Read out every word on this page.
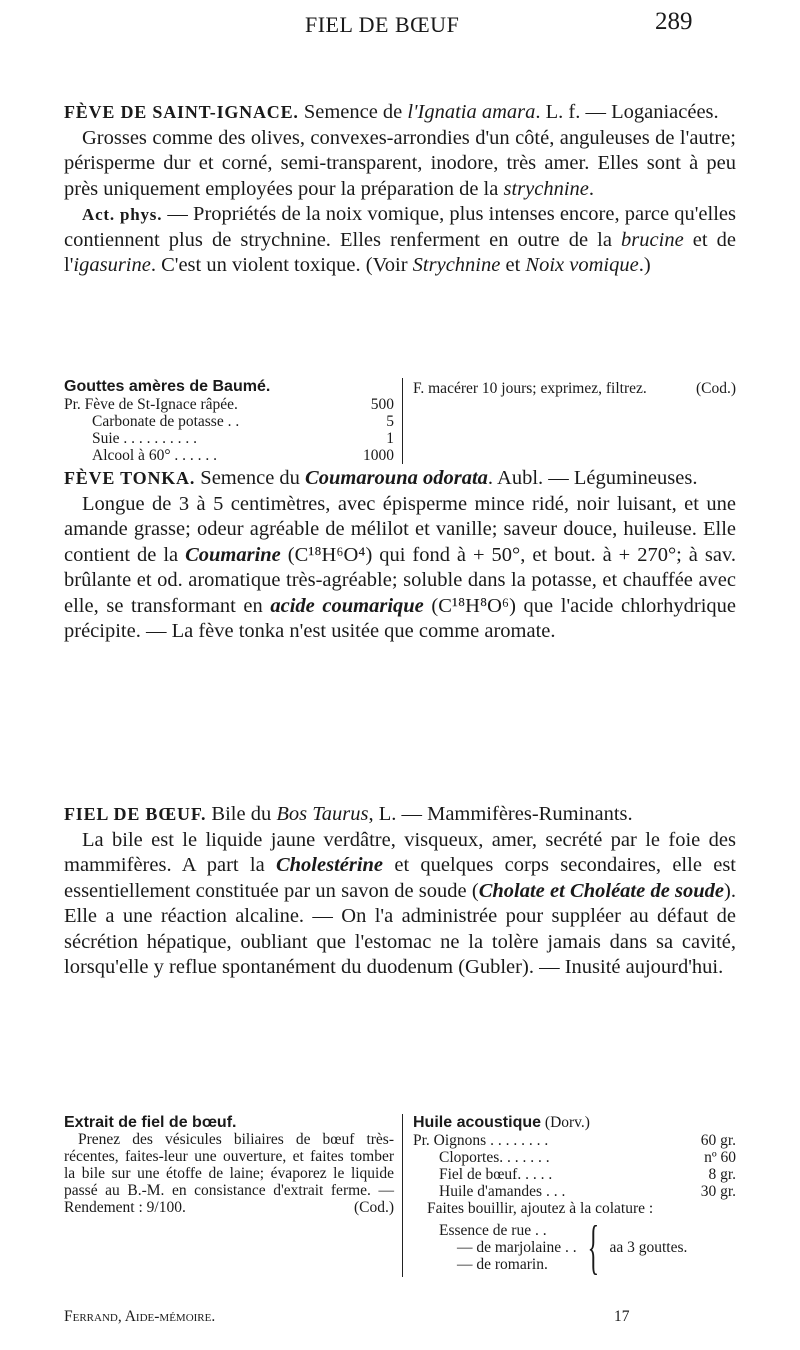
FIEL DE BŒUF	289

FÈVE DE SAINT-IGNACE. Semence de l'Ignatia amara. L. f. — Loganiacées.

Grosses comme des olives, convexes-arrondies d'un côté, anguleuses de l'autre; périsperme dur et corné, semi-transparent, inodore, très amer. Elles sont à peu près uniquement employées pour la préparation de la strychnine.

Act. phys. — Propriétés de la noix vomique, plus intenses encore, parce qu'elles contiennent plus de strychnine. Elles renferment en outre de la brucine et de l'igasurine. C'est un violent toxique. (Voir Strychnine et Noix vomique.)

Gouttes amères de Baumé.
Pr. Fève de St-Ignace râpée.	500
Carbonate de potasse . .	5
Suie . . . . . . . . . .	1
Alcool à 60° . . . . . .	1000
F. macérer 10 jours; exprimez, filtrez.	(Cod.)

FÈVE TONKA. Semence du Coumarouna odorata. Aubl. — Légumineuses.

Longue de 3 à 5 centimètres, avec épisperme mince ridé, noir luisant, et une amande grasse; odeur agréable de mélilot et vanille; saveur douce, huileuse. Elle contient de la Coumarine (C¹⁸H⁶O⁴) qui fond à + 50°, et bout. à + 270°; à sav. brûlante et od. aromatique très-agréable; soluble dans la potasse, et chauffée avec elle, se transformant en acide coumarique (C¹⁸H⁸O⁶) que l'acide chlorhydrique précipite. — La fève tonka n'est usitée que comme aromate.

FIEL DE BŒUF. Bile du Bos Taurus, L. — Mammifères-Ruminants.

La bile est le liquide jaune verdâtre, visqueux, amer, secrété par le foie des mammifères. A part la Cholestérine et quelques corps secondaires, elle est essentiellement constituée par un savon de soude (Cholate et Choléate de soude). Elle a une réaction alcaline. — On l'a administrée pour suppléer au défaut de sécrétion hépatique, oubliant que l'estomac ne la tolère jamais dans sa cavité, lorsqu'elle y reflue spontanément du duodenum (Gubler). — Inusité aujourd'hui.

Extrait de fiel de bœuf.
Prenez des vésicules biliaires de bœuf très-récentes, faites-leur une ouverture, et faites tomber la bile sur une étoffe de laine; évaporez le liquide passé au B.-M. en consistance d'extrait ferme. — Rendement : 9/100.	(Cod.)
Huile acoustique (Dorv.)
Pr. Oignons . . . . . . . .	60 gr.
Cloportes. . . . . . .	nº 60
Fiel de bœuf. . . . .	8 gr.
Huile d'amandes . . .	30 gr.
Faites bouillir, ajoutez à la colature :
Essence de rue . .
— de marjolaine . .
— de romarin. { aa 3 gouttes.
Ferrand, Aide-mémoire.	17
